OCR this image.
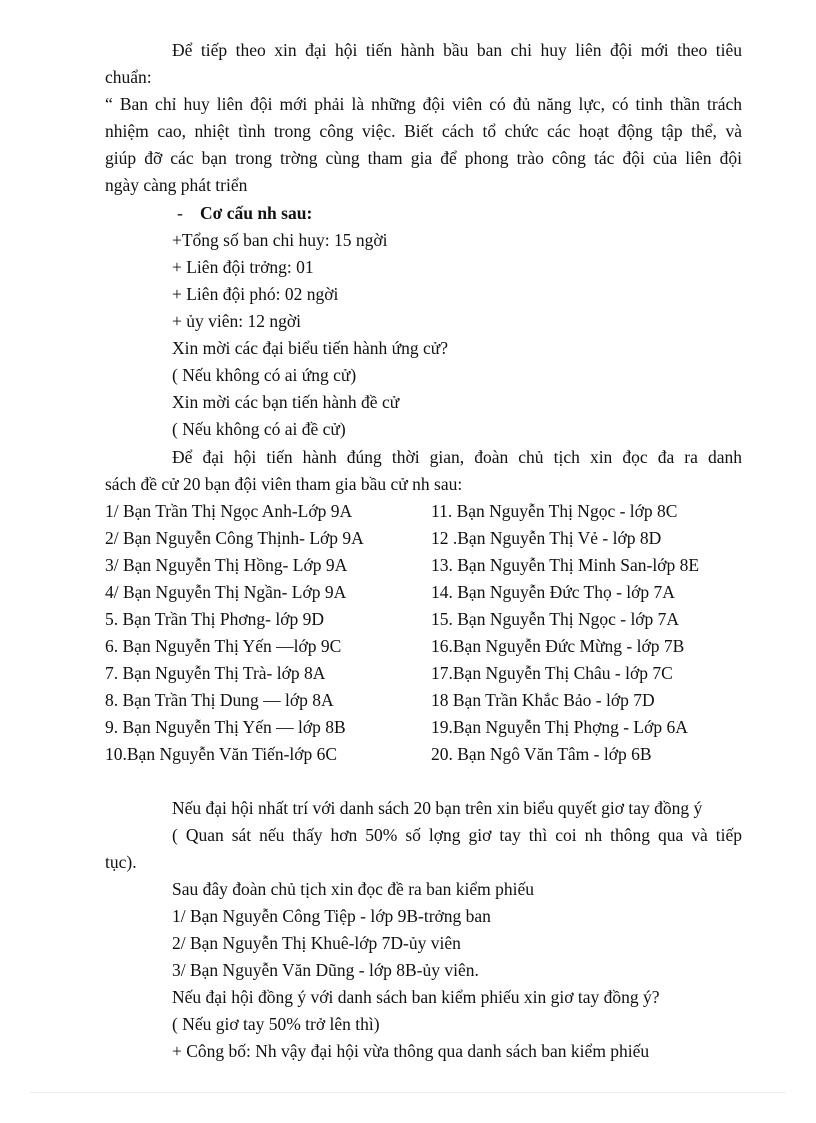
Để tiếp theo xin đại hội tiến hành bầu ban chi huy liên đội mới theo tiêu
chuẩn:
“ Ban chỉ huy liên đội mới phải là những đội viên có đủ năng lực, có tinh thần trách
nhiệm cao, nhiệt tình trong công việc. Biết cách tổ chức các hoạt động tập thể, và
giúp đỡ các bạn trong trờng cùng tham gia để phong trào công tác đội của liên đội
ngày càng phát triển
- Cơ cấu nh sau:
+Tổng số ban chi huy: 15 ngời
+ Liên đội trởng: 01
+ Liên đội phó: 02 ngời
+ ủy viên: 12 ngời
Xin mời các đại biểu tiến hành ứng cử?
( Nếu không có ai ứng cử)
Xin mời các bạn tiến hành đề cử
( Nếu không có ai đề cử)
Để đại hội tiến hành đúng thời gian, đoàn chủ tịch xin đọc đa ra danh
sách đề cử 20 bạn đội viên tham gia bầu cử nh sau:
1/ Bạn Trần Thị Ngọc Anh-Lớp 9A
2/ Bạn Nguyễn Công Thịnh- Lớp 9A
3/ Bạn Nguyễn Thị Hồng- Lớp 9A
4/ Bạn Nguyễn Thị Ngần- Lớp 9A
5. Bạn Trần Thị Phơng- lớp 9D
6. Bạn Nguyễn Thị Yến —lớp 9C
7. Bạn Nguyễn Thị Trà- lớp 8A
8. Bạn Trần Thị Dung — lớp 8A
9. Bạn Nguyễn Thị Yến — lớp 8B
10.Bạn Nguyễn Văn Tiến-lớp 6C
11. Bạn Nguyễn Thị Ngọc - lớp 8C
12 .Bạn Nguyễn Thị Vẻ - lớp 8D
13. Bạn Nguyễn Thị Minh San-lớp 8E
14. Bạn Nguyễn Đức Thọ - lớp 7A
15. Bạn Nguyễn Thị Ngọc - lớp 7A
16.Bạn Nguyễn Đức Mừng - lớp 7B
17.Bạn Nguyễn Thị Châu - lớp 7C
18 Bạn Trần Khắc Bảo - lớp 7D
19.Bạn Nguyễn Thị Phợng - Lớp 6A
20. Bạn Ngô Văn Tâm - lớp 6B
Nếu đại hội nhất trí với danh sách 20 bạn trên xin biểu quyết giơ tay đồng ý
( Quan sát nếu thấy hơn 50% số lợng giơ tay thì coi nh thông qua và tiếp
tục).
Sau đây đoàn chủ tịch xin đọc đề ra ban kiểm phiếu
1/ Bạn Nguyễn Công Tiệp - lớp 9B-trởng ban
2/ Bạn Nguyễn Thị Khuê-lớp 7D-ủy viên
3/ Bạn Nguyễn Văn Dũng - lớp 8B-ủy viên.
Nếu đại hội đồng ý với danh sách ban kiểm phiếu xin giơ tay đồng ý?
( Nếu giơ tay 50% trở lên thì)
+ Công bố: Nh vậy đại hội vừa thông qua danh sách ban kiểm phiếu
